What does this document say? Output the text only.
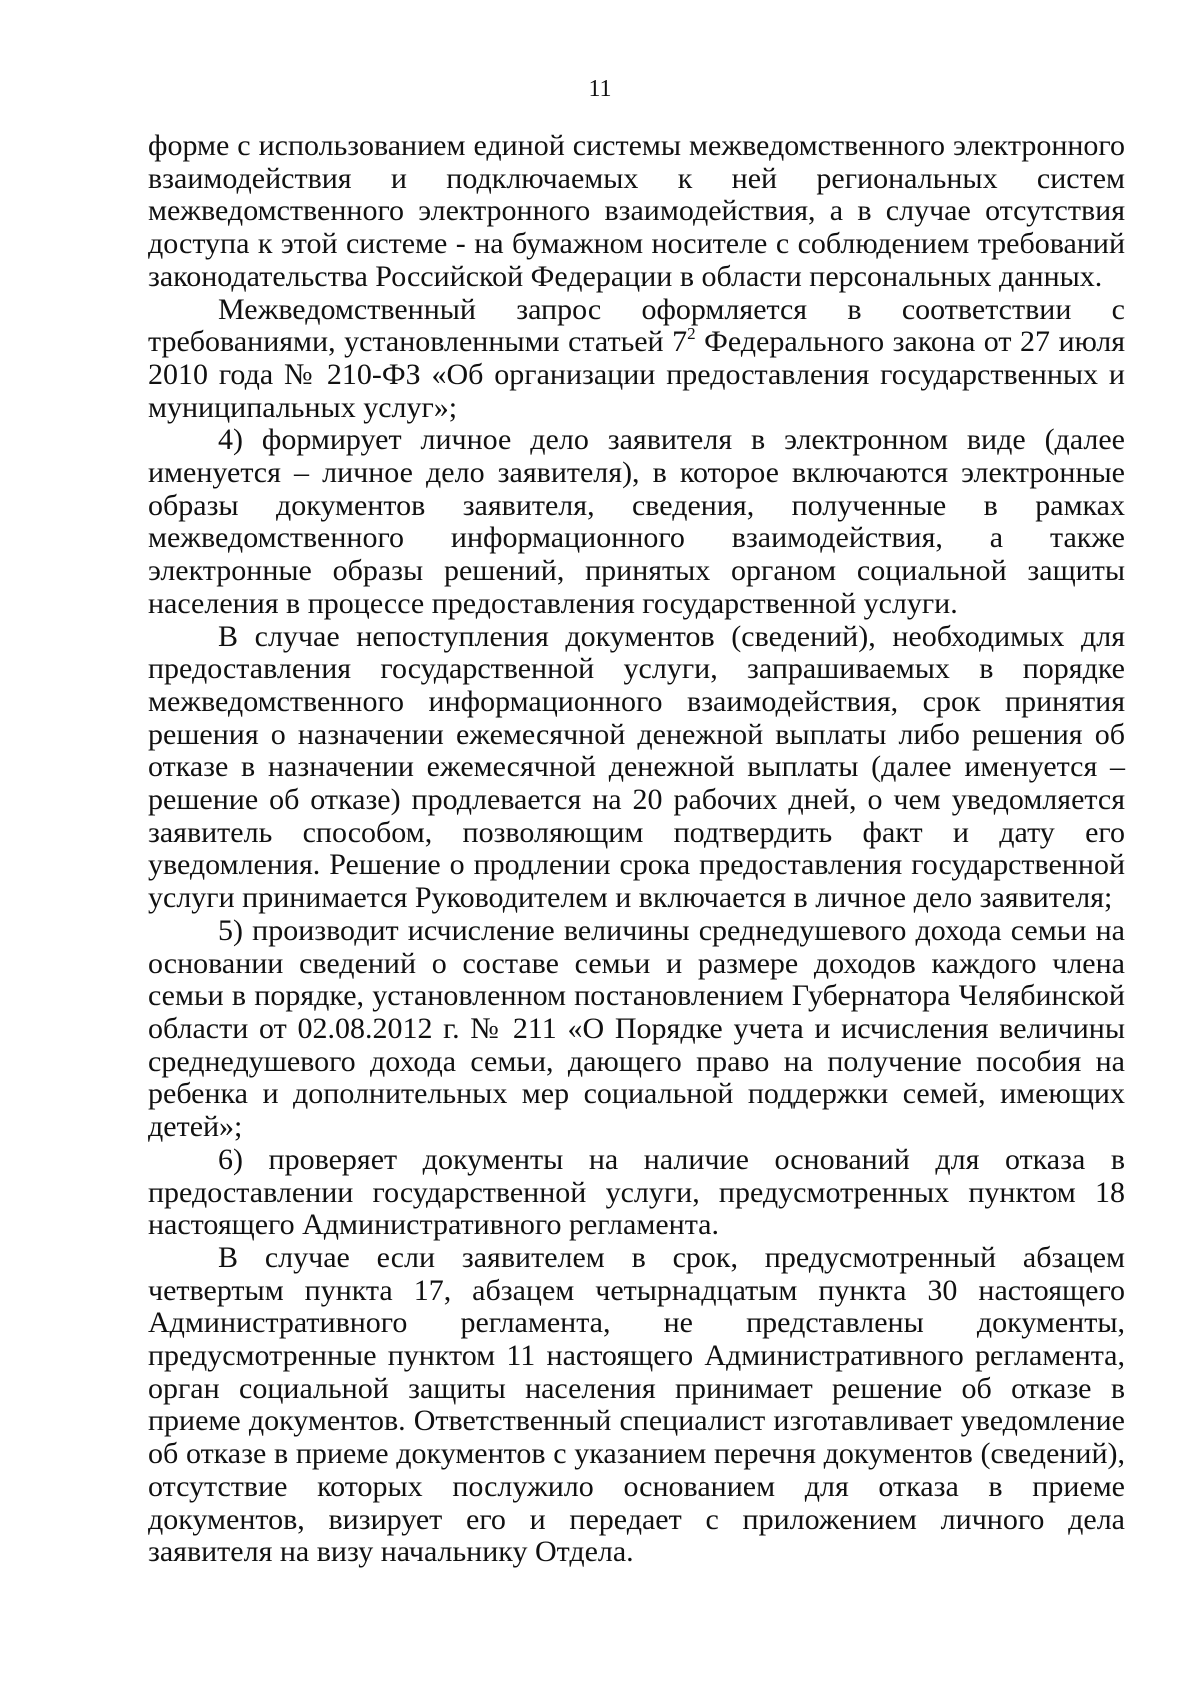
11

форме с использованием единой системы межведомственного электронного взаимодействия и подключаемых к ней региональных систем межведомственного электронного взаимодействия, а в случае отсутствия доступа к этой системе - на бумажном носителе с соблюдением требований законодательства Российской Федерации в области персональных данных.

Межведомственный запрос оформляется в соответствии с требованиями, установленными статьей $7^2$ Федерального закона от 27 июля 2010 года № 210-ФЗ «Об организации предоставления государственных и муниципальных услуг»;

4) формирует личное дело заявителя в электронном виде (далее именуется – личное дело заявителя), в которое включаются электронные образы документов заявителя, сведения, полученные в рамках межведомственного информационного взаимодействия, а также электронные образы решений, принятых органом социальной защиты населения в процессе предоставления государственной услуги.

В случае непоступления документов (сведений), необходимых для предоставления государственной услуги, запрашиваемых в порядке межведомственного информационного взаимодействия, срок принятия решения о назначении ежемесячной денежной выплаты либо решения об отказе в назначении ежемесячной денежной выплаты (далее именуется – решение об отказе) продлевается на 20 рабочих дней, о чем уведомляется заявитель способом, позволяющим подтвердить факт и дату его уведомления. Решение о продлении срока предоставления государственной услуги принимается Руководителем и включается в личное дело заявителя;

5) производит исчисление величины среднедушевого дохода семьи на основании сведений о составе семьи и размере доходов каждого члена семьи в порядке, установленном постановлением Губернатора Челябинской области от 02.08.2012 г. № 211 «О Порядке учета и исчисления величины среднедушевого дохода семьи, дающего право на получение пособия на ребенка и дополнительных мер социальной поддержки семей, имеющих детей»;

6) проверяет документы на наличие оснований для отказа в предоставлении государственной услуги, предусмотренных пунктом 18 настоящего Административного регламента.

В случае если заявителем в срок, предусмотренный абзацем четвертым пункта 17, абзацем четырнадцатым пункта 30 настоящего Административного регламента, не представлены документы, предусмотренные пунктом 11 настоящего Административного регламента, орган социальной защиты населения принимает решение об отказе в приеме документов. Ответственный специалист изготавливает уведомление об отказе в приеме документов с указанием перечня документов (сведений), отсутствие которых послужило основанием для отказа в приеме документов, визирует его и передает с приложением личного дела заявителя на визу начальнику Отдела.
